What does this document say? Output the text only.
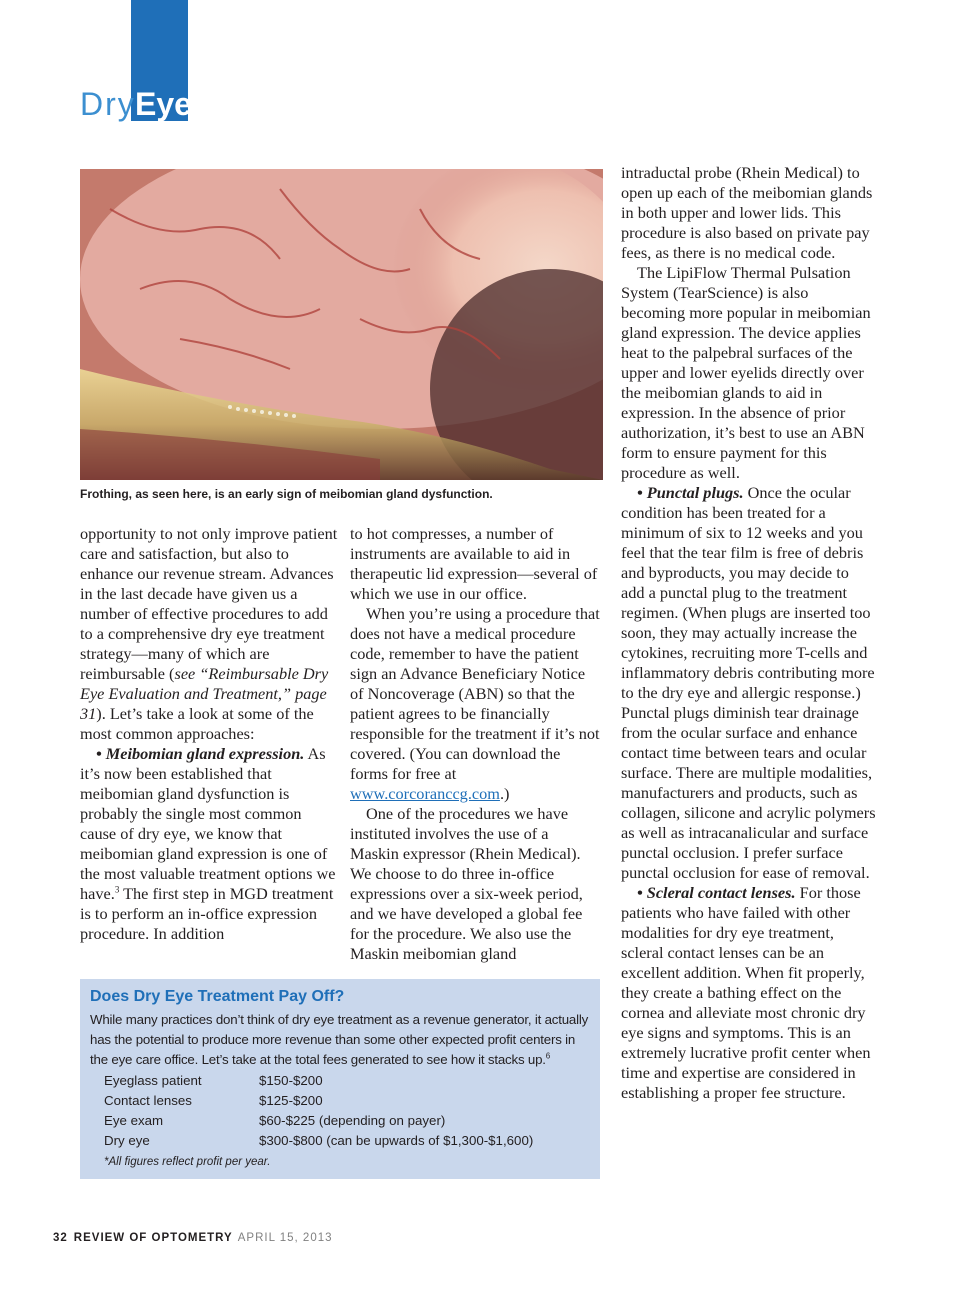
Dry Eye
Frothing, as seen here, is an early sign of meibomian gland dysfunction.

opportunity to not only improve patient care and satisfaction, but also to enhance our revenue stream. Advances in the last decade have given us a number of effective procedures to add to a comprehensive dry eye treatment strategy—many of which are reimbursable (see “Reimbursable Dry Eye Evaluation and Treatment,” page 31). Let’s take a look at some of the most common approaches:

• Meibomian gland expression. As it’s now been established that meibomian gland dysfunction is probably the single most common cause of dry eye, we know that meibomian gland expression is one of the most valuable treatment options we have.$^3$ The first step in MGD treatment is to perform an in-office expression procedure. In addition

to hot compresses, a number of instruments are available to aid in therapeutic lid expression—several of which we use in our office.

When you’re using a procedure that does not have a medical procedure code, remember to have the patient sign an Advance Beneficiary Notice of Noncoverage (ABN) so that the patient agrees to be financially responsible for the treatment if it’s not covered. (You can download the forms for free at www.corcoranccg.com.)

One of the procedures we have instituted involves the use of a Maskin expressor (Rhein Medical). We choose to do three in-office expressions over a six-week period, and we have developed a global fee for the procedure. We also use the Maskin meibomian gland

intraductal probe (Rhein Medical) to open up each of the meibomian glands in both upper and lower lids. This procedure is also based on private pay fees, as there is no medical code.

The LipiFlow Thermal Pulsation System (TearScience) is also becoming more popular in meibomian gland expression. The device applies heat to the palpebral surfaces of the upper and lower eyelids directly over the meibomian glands to aid in expression. In the absence of prior authorization, it’s best to use an ABN form to ensure payment for this procedure as well.

• Punctal plugs. Once the ocular condition has been treated for a minimum of six to 12 weeks and you feel that the tear film is free of debris and byproducts, you may decide to add a punctal plug to the treatment regimen. (When plugs are inserted too soon, they may actually increase the cytokines, recruiting more T-cells and inflammatory debris contributing more to the dry eye and allergic response.) Punctal plugs diminish tear drainage from the ocular surface and enhance contact time between tears and ocular surface. There are multiple modalities, manufacturers and products, such as collagen, silicone and acrylic polymers as well as intracanalicular and surface punctal occlusion. I prefer surface punctal occlusion for ease of removal.

• Scleral contact lenses. For those patients who have failed with other modalities for dry eye treatment, scleral contact lenses can be an excellent addition. When fit properly, they create a bathing effect on the cornea and alleviate most chronic dry eye signs and symptoms. This is an extremely lucrative profit center when time and expertise are considered in establishing a proper fee structure.

Does Dry Eye Treatment Pay Off?

While many practices don’t think of dry eye treatment as a revenue generator, it actually has the potential to produce more revenue than some other expected profit centers in the eye care office. Let’s take at the total fees generated to see how it stacks up.$^6$

Eyeglass patient	$150-$200
Contact lenses	$125-$200
Eye exam	$60-$225 (depending on payer)
Dry eye	$300-$800 (can be upwards of $1,300-$1,600)
*All figures reflect profit per year.
32 REVIEW OF OPTOMETRY APRIL 15, 2013
